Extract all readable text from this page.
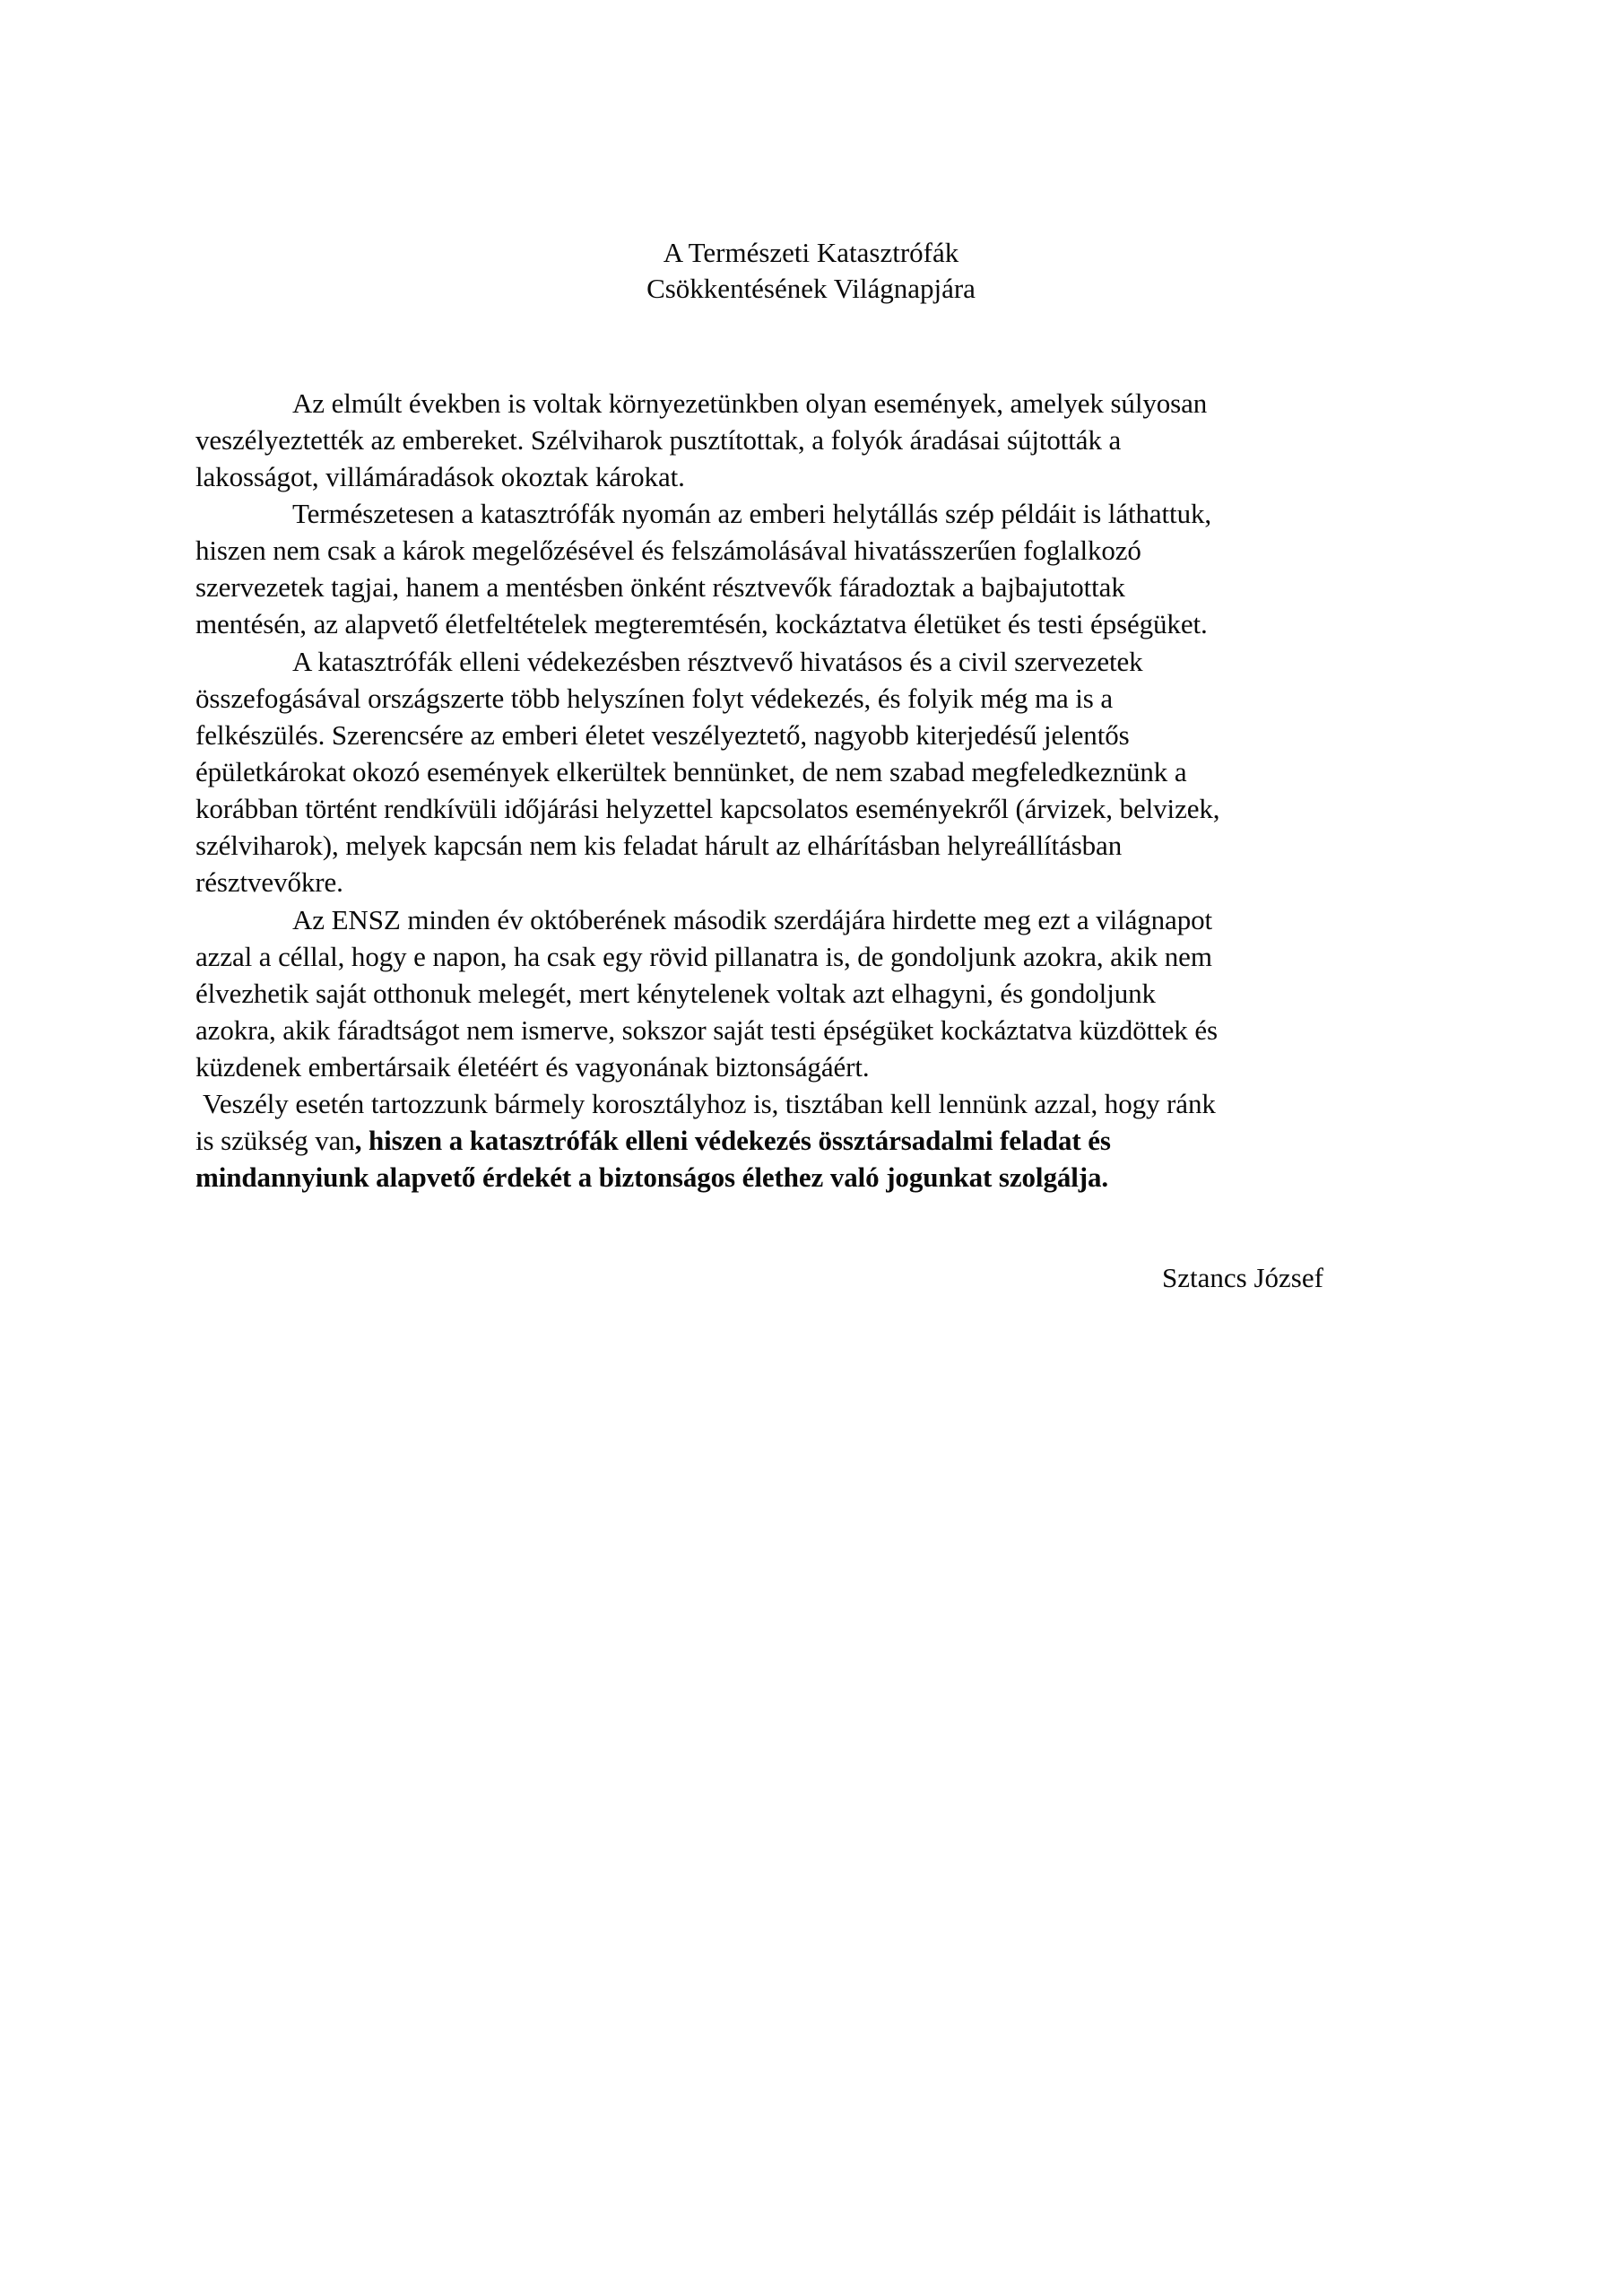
A Természeti Katasztrófák
Csökkentésének Világnapjára
Az elmúlt években is voltak környezetünkben olyan események, amelyek súlyosan
veszélyeztették az embereket. Szélviharok pusztítottak, a folyók áradásai sújtották a
lakosságot, villámáradások okoztak károkat.
Természetesen a katasztrófák nyomán az emberi helytállás szép példáit is láthattuk,
hiszen nem csak a károk megelőzésével és felszámolásával hivatásszerűen foglalkozó
szervezetek tagjai, hanem a mentésben önként résztvevők fáradoztak a bajbajutottak
mentésén, az alapvető életfeltételek megteremtésén, kockáztatva életüket és testi épségüket.
A katasztrófák elleni védekezésben résztvevő hivatásos és a civil szervezetek
összefogásával országszerte több helyszínen folyt védekezés, és folyik még ma is a
felkészülés. Szerencsére az emberi életet veszélyeztető, nagyobb kiterjedésű jelentős
épületkárokat okozó események elkerültek bennünket, de nem szabad megfeledkeznünk a
korábban történt rendkívüli időjárási helyzettel kapcsolatos eseményekről (árvizek, belvizek,
szélviharok), melyek kapcsán nem kis feladat hárult az elhárításban helyreállításban
résztvevőkre.
Az ENSZ minden év októberének második szerdájára hirdette meg ezt a világnapot
azzal a céllal, hogy e napon, ha csak egy rövid pillanatra is, de gondoljunk azokra, akik nem
élvezhetik saját otthonuk melegét, mert kénytelenek voltak azt elhagyni, és gondoljunk
azokra, akik fáradtságot nem ismerve, sokszor saját testi épségüket kockáztatva küzdöttek és
küzdenek embertársaik életéért és vagyonának biztonságáért.
Veszély esetén tartozzunk bármely korosztályhoz is, tisztában kell lennünk azzal, hogy ránk
is szükség van, hiszen a katasztrófák elleni védekezés össztársadalmi feladat és
mindannyiunk alapvető érdekét a biztonságos élethez való jogunkat szolgálja.
Sztancs József
